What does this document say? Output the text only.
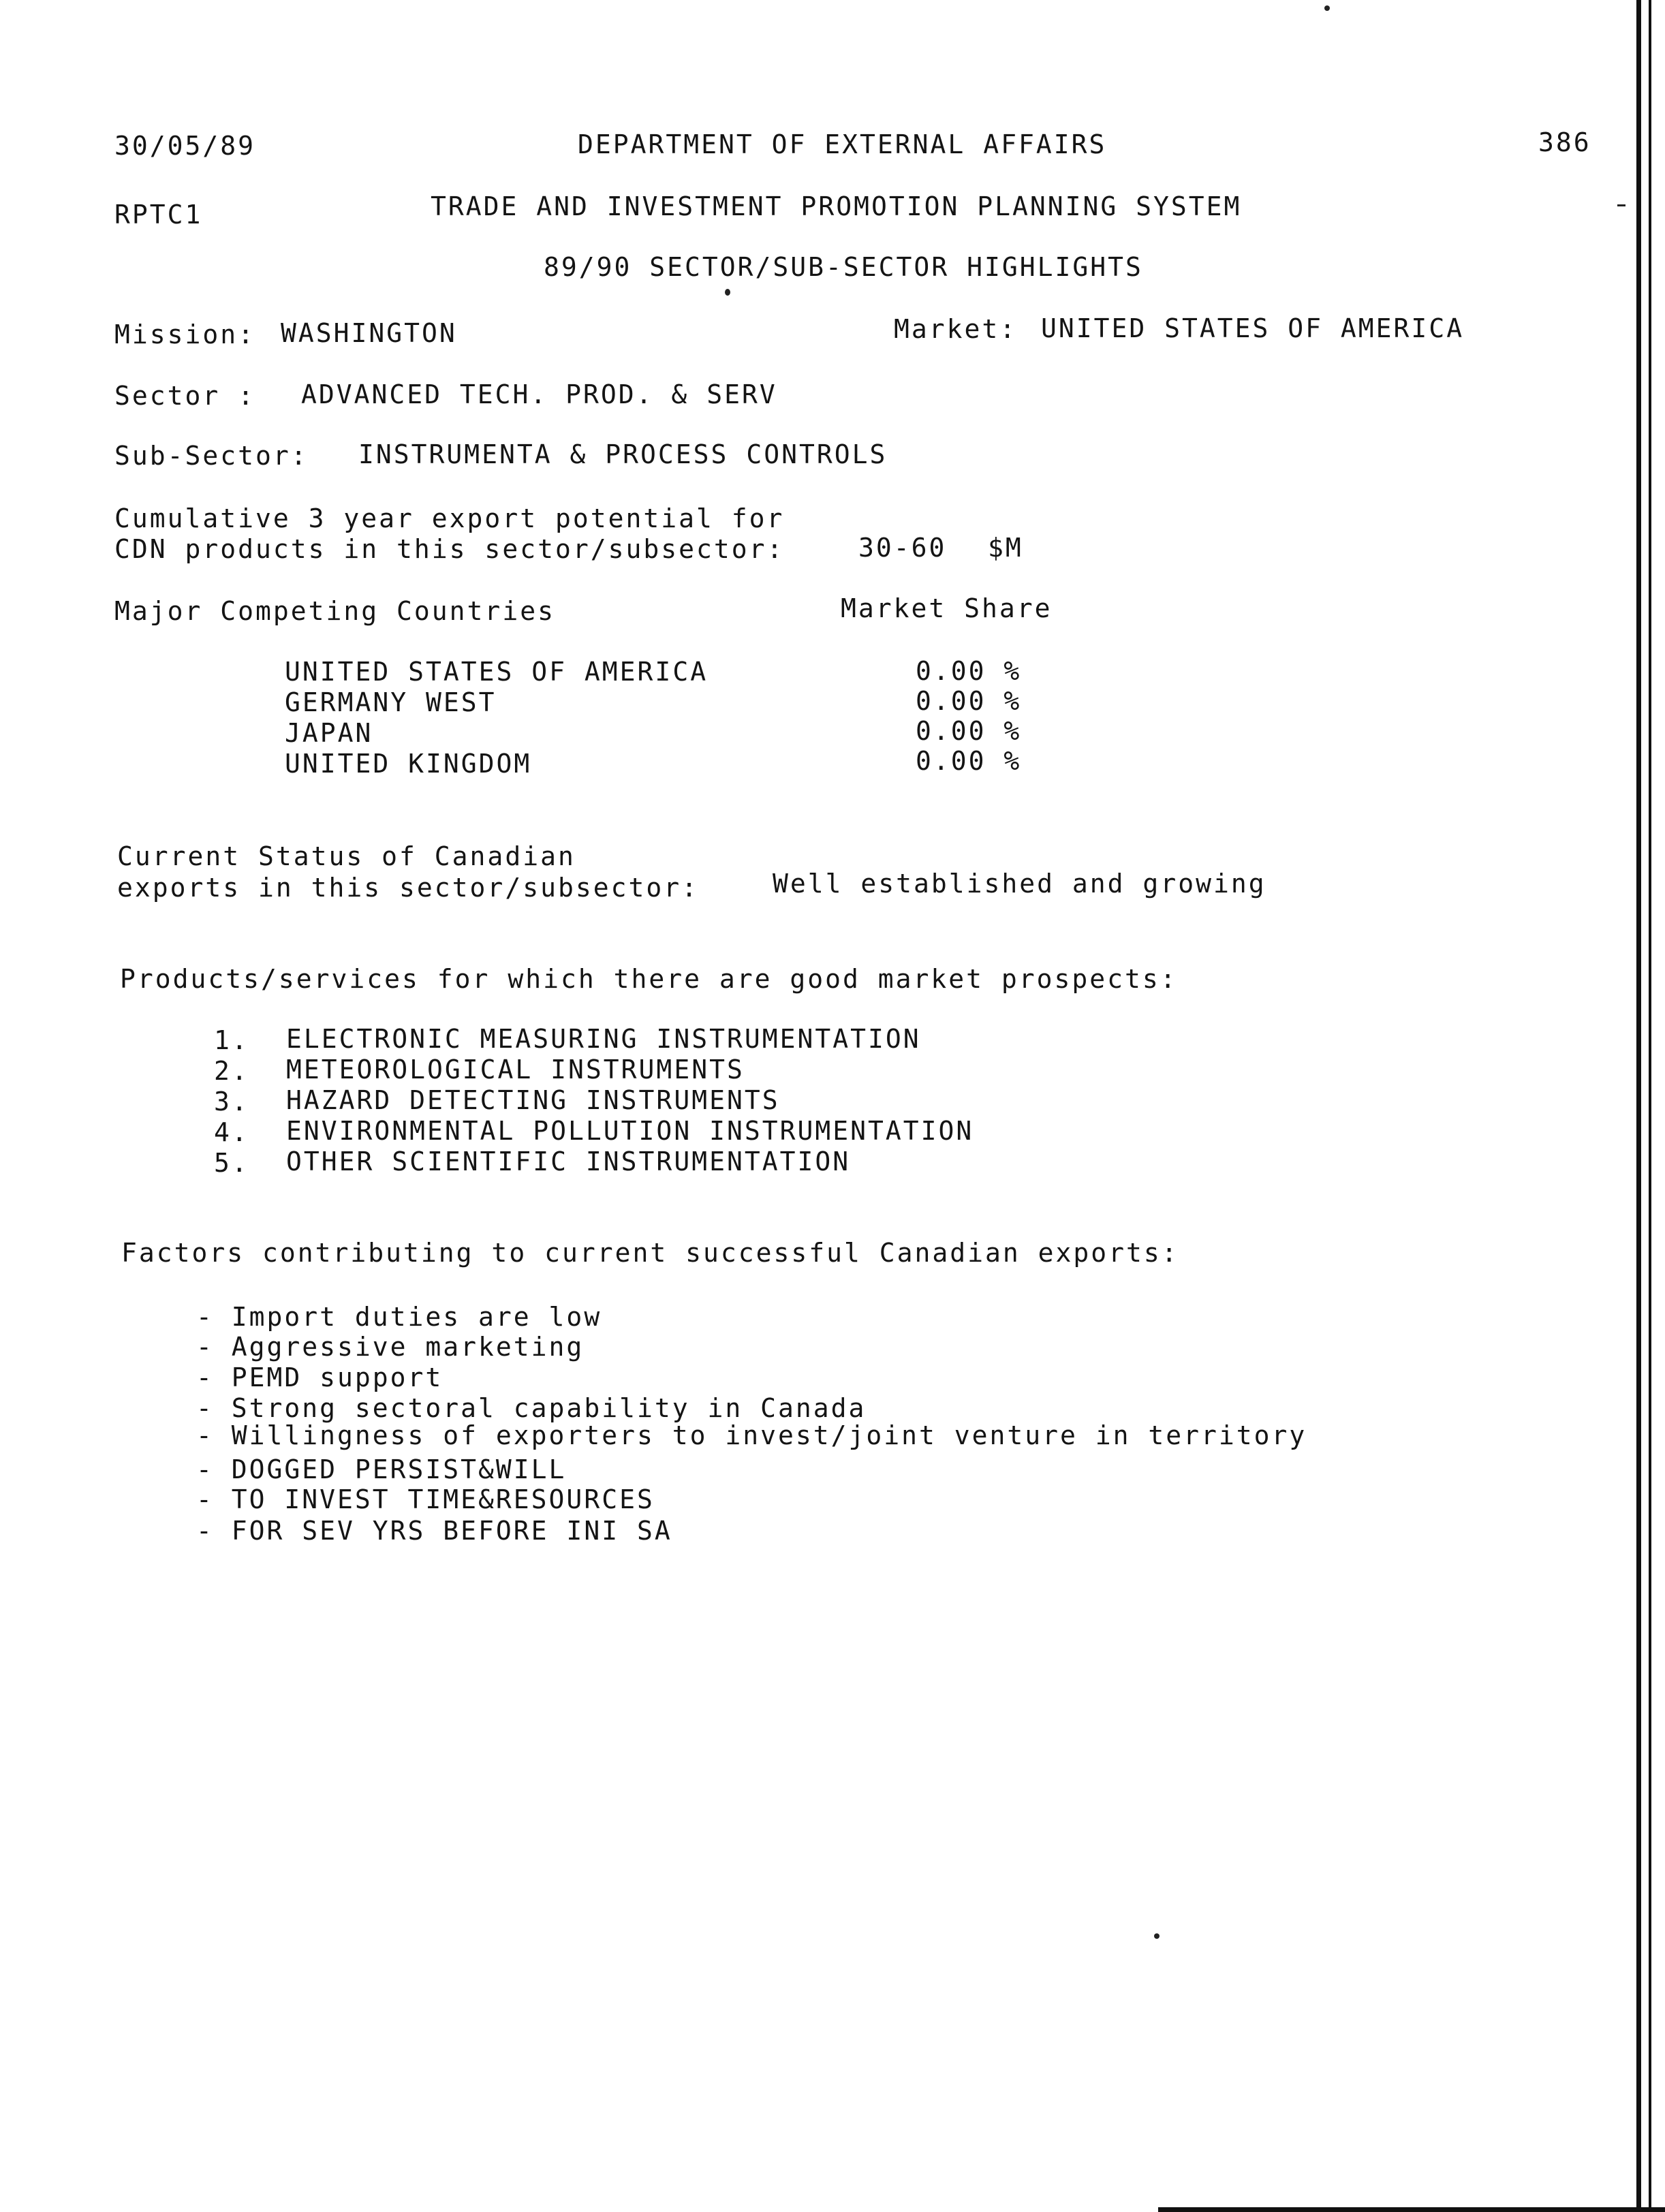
30/05/89	DEPARTMENT OF EXTERNAL AFFAIRS	386
RPTC1	TRADE AND INVESTMENT PROMOTION PLANNING SYSTEM
89/90 SECTOR/SUB-SECTOR HIGHLIGHTS
Mission: WASHINGTON	Market: UNITED STATES OF AMERICA
Sector : ADVANCED TECH. PROD. & SERV
Sub-Sector: INSTRUMENTA & PROCESS CONTROLS
Cumulative 3 year export potential for
CDN products in this sector/subsector:	30-60 $M
Major Competing Countries	Market Share
UNITED STATES OF AMERICA	0.00 %
GERMANY WEST	0.00 %
JAPAN	0.00 %
UNITED KINGDOM	0.00 %
Current Status of Canadian
exports in this sector/subsector:	Well established and growing
Products/services for which there are good market prospects:
1. ELECTRONIC MEASURING INSTRUMENTATION
2. METEOROLOGICAL INSTRUMENTS
3. HAZARD DETECTING INSTRUMENTS
4. ENVIRONMENTAL POLLUTION INSTRUMENTATION
5. OTHER SCIENTIFIC INSTRUMENTATION
Factors contributing to current successful Canadian exports:
- Import duties are low
- Aggressive marketing
- PEMD support
- Strong sectoral capability in Canada
- Willingness of exporters to invest/joint venture in territory
- DOGGED PERSIST&WILL
- TO INVEST TIME&RESOURCES
- FOR SEV YRS BEFORE INI SA
